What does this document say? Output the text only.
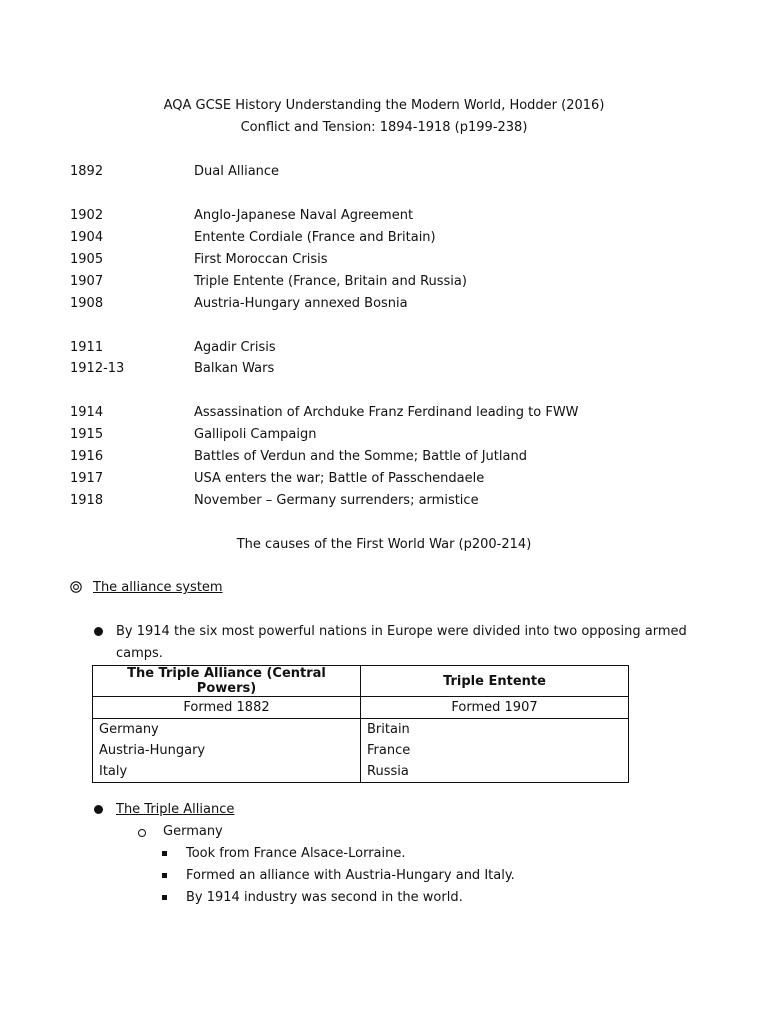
AQA GCSE History Understanding the Modern World, Hodder (2016)
Conflict and Tension: 1894-1918 (p199-238)
1892	Dual Alliance
1902	Anglo-Japanese Naval Agreement
1904	Entente Cordiale (France and Britain)
1905	First Moroccan Crisis
1907	Triple Entente (France, Britain and Russia)
1908	Austria-Hungary annexed Bosnia
1911	Agadir Crisis
1912-13	Balkan Wars
1914	Assassination of Archduke Franz Ferdinand leading to FWW
1915	Gallipoli Campaign
1916	Battles of Verdun and the Somme; Battle of Jutland
1917	USA enters the war; Battle of Passchendaele
1918	November – Germany surrenders; armistice
The causes of the First World War (p200-214)
The alliance system
By 1914 the six most powerful nations in Europe were divided into two opposing armed
camps.
The Triple Alliance (Central Powers)	Triple Entente
Formed 1882	Formed 1907
Germany	Britain
Austria-Hungary	France
Italy	Russia
The Triple Alliance
Germany
Took from France Alsace-Lorraine.
Formed an alliance with Austria-Hungary and Italy.
By 1914 industry was second in the world.
